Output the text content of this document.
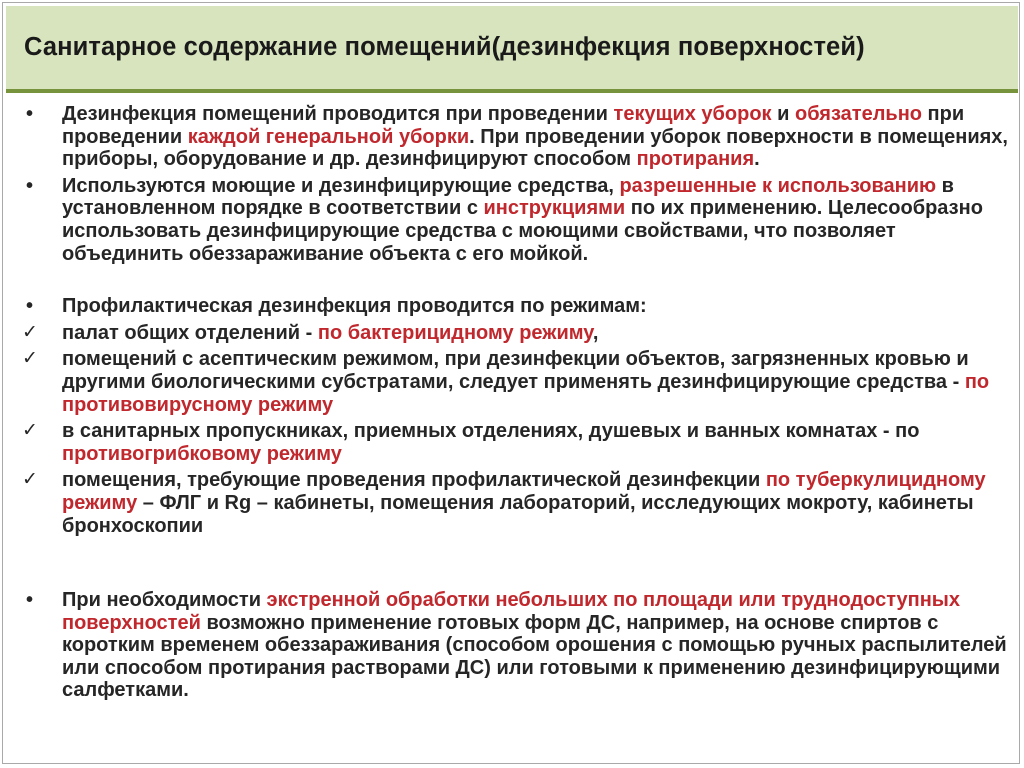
Санитарное содержание помещений(дезинфекция поверхностей)
•	Дезинфекция помещений проводится при проведении текущих уборок и обязательно при проведении каждой генеральной уборки. При проведении уборок поверхности в помещениях, приборы, оборудование и др. дезинфицируют способом протирания.
•	Используются моющие и дезинфицирующие средства, разрешенные к использованию в установленном порядке в соответствии с инструкциями по их применению. Целесообразно использовать дезинфицирующие средства с моющими свойствами, что позволяет объединить обеззараживание объекта с его мойкой.
•	Профилактическая дезинфекция проводится по режимам:
✓	палат общих отделений - по бактерицидному режиму,
✓	помещений с асептическим режимом, при дезинфекции объектов, загрязненных кровью и другими биологическими субстратами, следует применять дезинфицирующие средства - по противовирусному режиму
✓	в санитарных пропускниках, приемных отделениях, душевых и ванных комнатах - по противогрибковому режиму
✓	помещения, требующие проведения профилактической дезинфекции по туберкулицидному режиму – ФЛГ и Rg – кабинеты, помещения лабораторий, исследующих мокроту, кабинеты бронхоскопии
•	При необходимости экстренной обработки небольших по площади или труднодоступных поверхностей возможно применение готовых форм ДС, например, на основе спиртов с коротким временем обеззараживания (способом орошения с помощью ручных распылителей или способом протирания растворами ДС) или готовыми к применению дезинфицирующими салфетками.
